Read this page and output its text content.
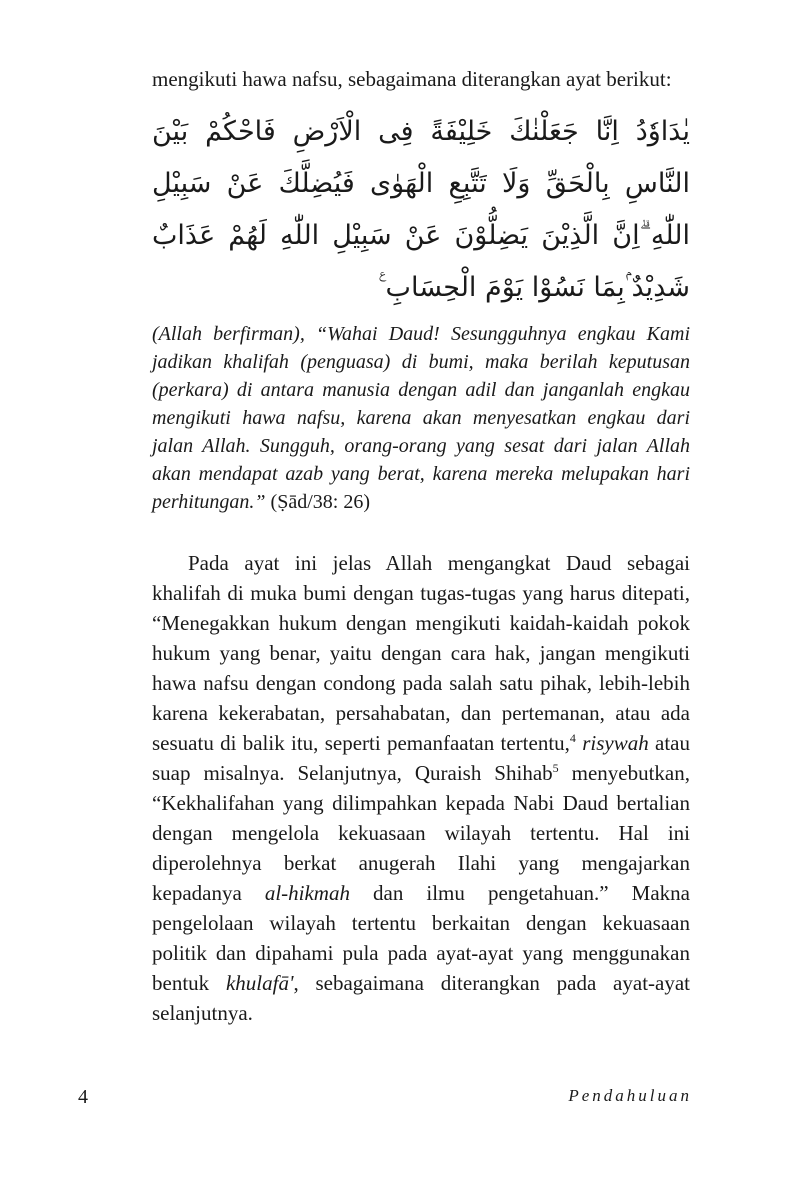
mengikuti hawa nafsu, sebagaimana diterangkan ayat berikut:

يٰدَاوٗدُ اِنَّا جَعَلْنٰكَ خَلِيْفَةً فِى الْاَرْضِ فَاحْكُمْ بَيْنَ النَّاسِ بِالْحَقِّ وَلَا تَتَّبِعِ الْهَوٰى فَيُضِلَّكَ عَنْ سَبِيْلِ اللّٰهِ ۗاِنَّ الَّذِيْنَ يَضِلُّوْنَ عَنْ سَبِيْلِ اللّٰهِ لَهُمْ عَذَابٌ شَدِيْدٌ ۢبِمَا نَسُوْا يَوْمَ الْحِسَابِ ࣖ

(Allah berfirman), “Wahai Daud! Sesungguhnya engkau Kami jadikan khalifah (penguasa) di bumi, maka berilah keputusan (perkara) di antara manusia dengan adil dan janganlah engkau mengikuti hawa nafsu, karena akan menyesatkan engkau dari jalan Allah. Sungguh, orang-orang yang sesat dari jalan Allah akan mendapat azab yang berat, karena mereka melupakan hari perhitungan.” (Ṣād/38: 26)

Pada ayat ini jelas Allah mengangkat Daud sebagai khalifah di muka bumi dengan tugas-tugas yang harus ditepati, “Menegakkan hukum dengan mengikuti kaidah-kaidah pokok hukum yang benar, yaitu dengan cara hak, jangan mengikuti hawa nafsu dengan condong pada salah satu pihak, lebih-lebih karena kekerabatan, persahabatan, dan pertemanan, atau ada sesuatu di balik itu, seperti pemanfaatan tertentu,$^4$ risywah atau suap misalnya. Selanjutnya, Quraish Shihab$^5$ menyebutkan, “Kekhalifahan yang dilimpahkan kepada Nabi Daud bertalian dengan mengelola kekuasaan wilayah tertentu. Hal ini diperolehnya berkat anugerah Ilahi yang mengajarkan kepadanya al-hikmah dan ilmu pengetahuan.” Makna pengelolaan wilayah tertentu berkaitan dengan kekuasaan politik dan dipahami pula pada ayat-ayat yang menggunakan bentuk khulafā', sebagaimana diterangkan pada ayat-ayat selanjutnya.

4	Pendahuluan
